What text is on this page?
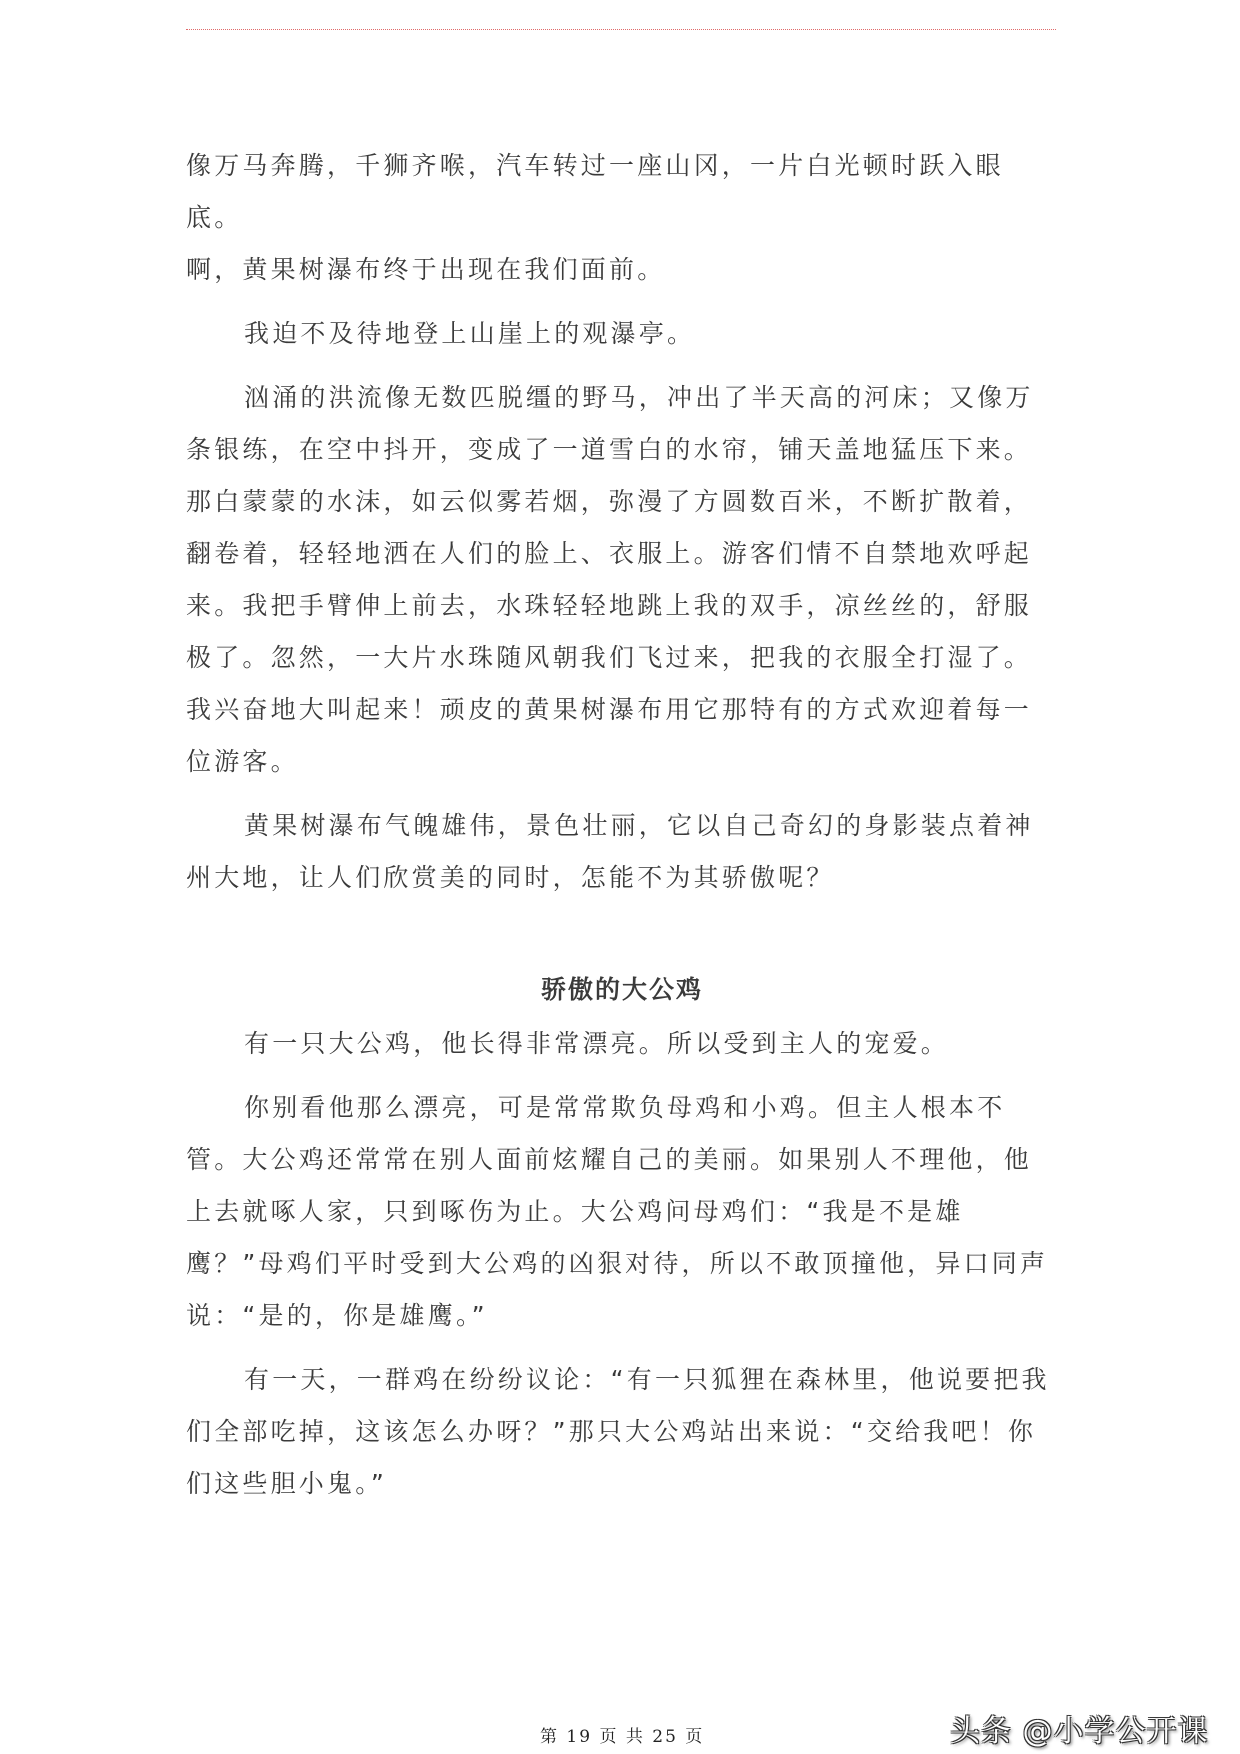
像万马奔腾，千狮齐喉，汽车转过一座山冈，一片白光顿时跃入眼底。

啊，黄果树瀑布终于出现在我们面前。

我迫不及待地登上山崖上的观瀑亭。

汹涌的洪流像无数匹脱缰的野马，冲出了半天高的河床；又像万条银练，在空中抖开，变成了一道雪白的水帘，铺天盖地猛压下来。那白蒙蒙的水沫，如云似雾若烟，弥漫了方圆数百米，不断扩散着，翻卷着，轻轻地洒在人们的脸上、衣服上。游客们情不自禁地欢呼起来。我把手臂伸上前去，水珠轻轻地跳上我的双手，凉丝丝的，舒服极了。忽然，一大片水珠随风朝我们飞过来，把我的衣服全打湿了。我兴奋地大叫起来！顽皮的黄果树瀑布用它那特有的方式欢迎着每一位游客。

黄果树瀑布气魄雄伟，景色壮丽，它以自己奇幻的身影装点着神州大地，让人们欣赏美的同时，怎能不为其骄傲呢？

骄傲的大公鸡

有一只大公鸡，他长得非常漂亮。所以受到主人的宠爱。

你别看他那么漂亮，可是常常欺负母鸡和小鸡。但主人根本不管。大公鸡还常常在别人面前炫耀自己的美丽。如果别人不理他，他上去就啄人家，只到啄伤为止。大公鸡问母鸡们：“我是不是雄鹰？”母鸡们平时受到大公鸡的凶狠对待，所以不敢顶撞他，异口同声说：“是的，你是雄鹰。”

有一天，一群鸡在纷纷议论：“有一只狐狸在森林里，他说要把我们全部吃掉，这该怎么办呀？”那只大公鸡站出来说：“交给我吧！你们这些胆小鬼。”

第 19 页 共 25 页	头条 @小学公开课
